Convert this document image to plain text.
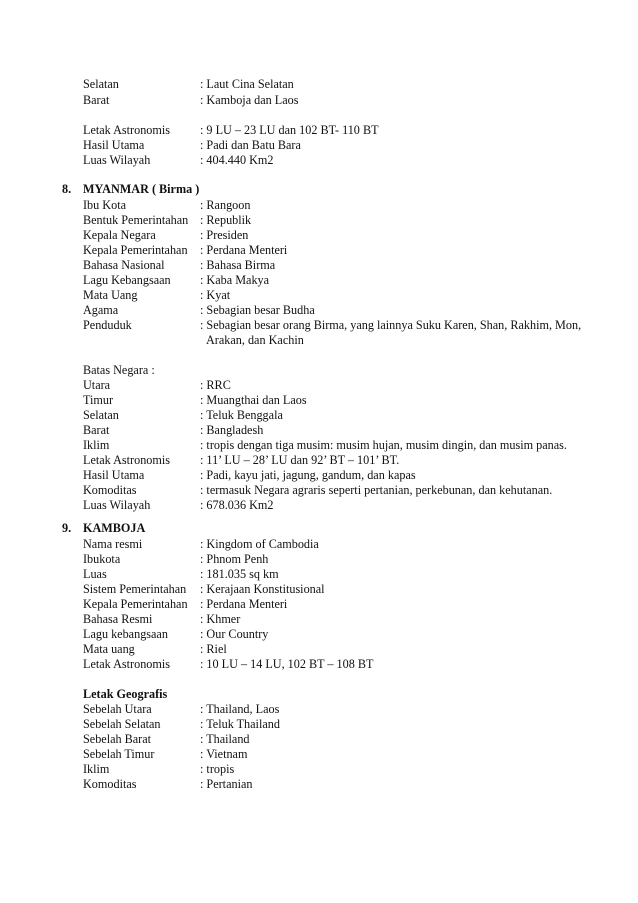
Selatan	: Laut Cina Selatan
Barat	: Kamboja dan Laos
Letak Astronomis : 9 LU – 23 LU dan 102 BT- 110 BT
Hasil Utama	: Padi dan Batu Bara
Luas Wilayah	: 404.440 Km2
8. MYANMAR ( Birma )
Ibu Kota	: Rangoon
Bentuk Pemerintahan : Republik
Kepala Negara	: Presiden
Kepala Pemerintahan : Perdana Menteri
Bahasa Nasional	: Bahasa Birma
Lagu Kebangsaan : Kaba Makya
Mata Uang	: Kyat
Agama	: Sebagian besar Budha
Penduduk	: Sebagian besar orang Birma, yang lainnya Suku Karen, Shan, Rakhim, Mon,
Arakan, dan Kachin
Batas Negara :
Utara	: RRC
Timur	: Muangthai dan Laos
Selatan	: Teluk Benggala
Barat	: Bangladesh
Iklim	: tropis dengan tiga musim: musim hujan, musim dingin, dan musim panas.
Letak Astronomis : 11’ LU – 28’ LU dan 92’ BT – 101’ BT.
Hasil Utama	: Padi, kayu jati, jagung, gandum, dan kapas
Komoditas	: termasuk Negara agraris seperti pertanian, perkebunan, dan kehutanan.
Luas Wilayah	: 678.036 Km2
9. KAMBOJA
Nama resmi	: Kingdom of Cambodia
Ibukota	: Phnom Penh
Luas	: 181.035 sq km
Sistem Pemerintahan : Kerajaan Konstitusional
Kepala Pemerintahan : Perdana Menteri
Bahasa Resmi	: Khmer
Lagu kebangsaan	: Our Country
Mata uang	: Riel
Letak Astronomis : 10 LU – 14 LU, 102 BT – 108 BT
Letak Geografis
Sebelah Utara	: Thailand, Laos
Sebelah Selatan	: Teluk Thailand
Sebelah Barat	: Thailand
Sebelah Timur	: Vietnam
Iklim	: tropis
Komoditas	: Pertanian
